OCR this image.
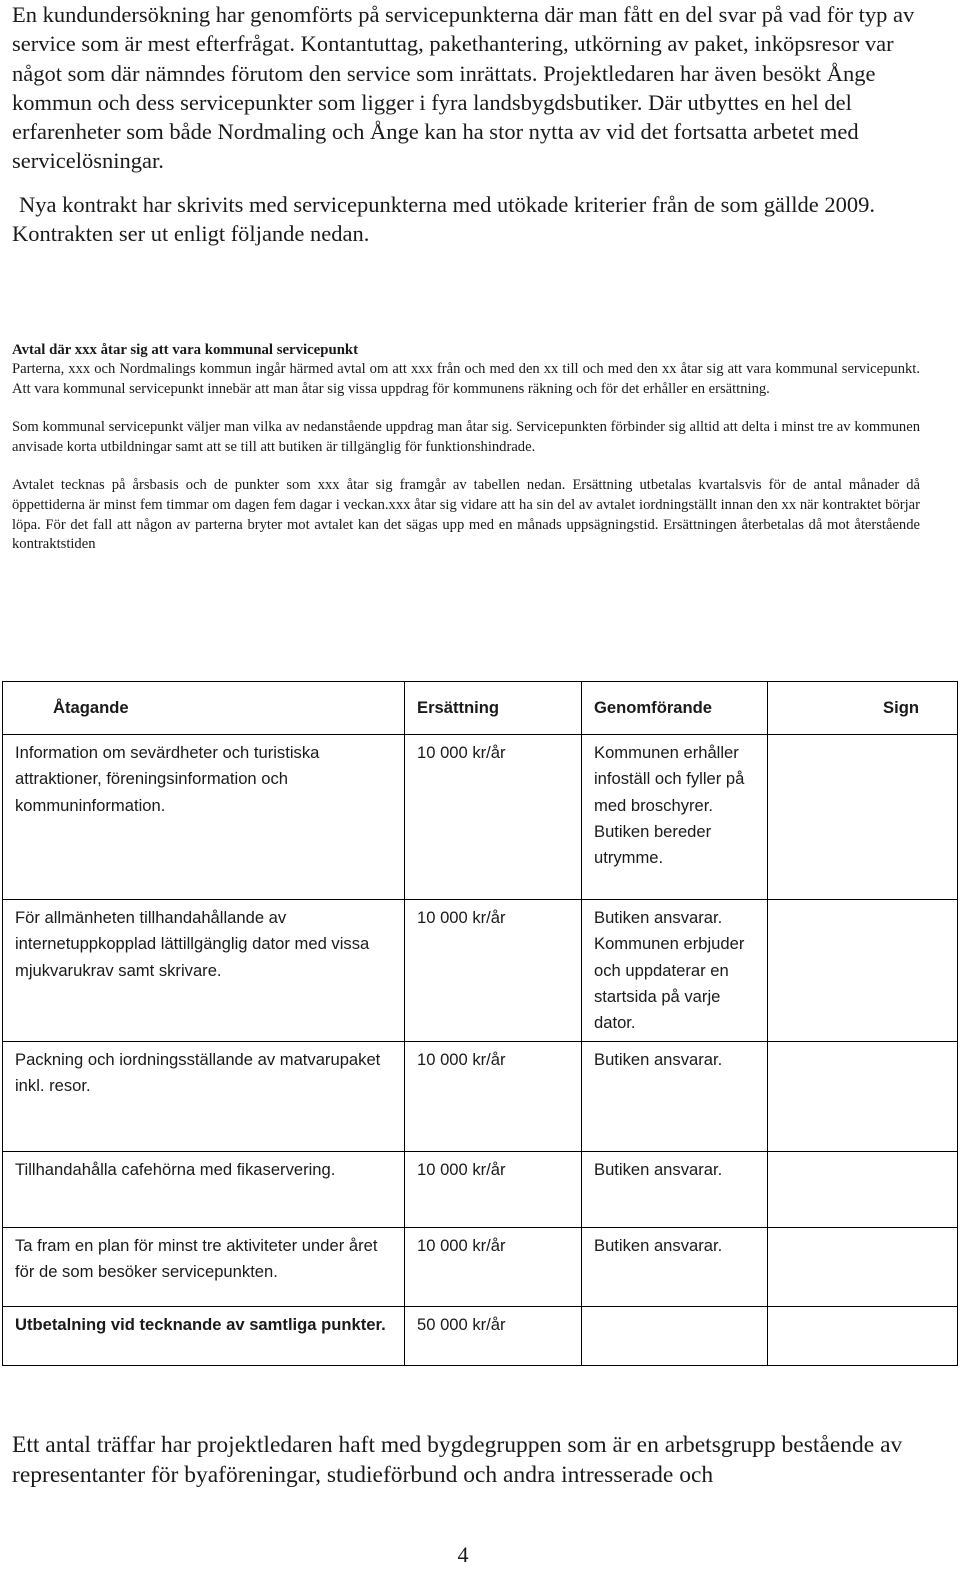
En kundundersökning har genomförts på servicepunkterna där man fått en del svar på vad för typ av service som är mest efterfrågat. Kontantuttag, pakethantering, utkörning av paket, inköpsresor var något som där nämndes förutom den service som inrättats. Projektledaren har även besökt Ånge kommun och dess servicepunkter som ligger i fyra landsbygdsbutiker. Där utbyttes en hel del erfarenheter som både Nordmaling och Ånge kan ha stor nytta av vid det fortsatta arbetet med servicelösningar.

Nya kontrakt har skrivits med servicepunkterna med utökade kriterier från de som gällde 2009. Kontrakten ser ut enligt följande nedan.

Avtal där xxx åtar sig att vara kommunal servicepunkt

Parterna, xxx och Nordmalings kommun ingår härmed avtal om att xxx från och med den xx till och med den xx åtar sig att vara kommunal servicepunkt. Att vara kommunal servicepunkt innebär att man åtar sig vissa uppdrag för kommunens räkning och för det erhåller en ersättning.

Som kommunal servicepunkt väljer man vilka av nedanstående uppdrag man åtar sig. Servicepunkten förbinder sig alltid att delta i minst tre av kommunen anvisade korta utbildningar samt att se till att butiken är tillgänglig för funktionshindrade.

Avtalet tecknas på årsbasis och de punkter som xxx åtar sig framgår av tabellen nedan. Ersättning utbetalas kvartalsvis för de antal månader då öppettiderna är minst fem timmar om dagen fem dagar i veckan.xxx åtar sig vidare att ha sin del av avtalet iordningställt innan den xx när kontraktet börjar löpa. För det fall att någon av parterna bryter mot avtalet kan det sägas upp med en månads uppsägningstid. Ersättningen återbetalas då mot återstående kontraktstiden

Åtagande	Ersättning	Genomförande	Sign
Information om sevärdheter och turistiska attraktioner, föreningsinformation och kommuninformation.	10 000 kr/år	Kommunen erhåller infoställ och fyller på med broschyrer. Butiken bereder utrymme.	
För allmänheten tillhandahållande av internetuppkopplad lättillgänglig dator med vissa mjukvarukrav samt skrivare.	10 000 kr/år	Butiken ansvarar. Kommunen erbjuder och uppdaterar en startsida på varje dator.	
Packning och iordningsställande av matvarupaket inkl. resor.	10 000 kr/år	Butiken ansvarar.	
Tillhandahålla cafehörna med fikaservering.	10 000 kr/år	Butiken ansvarar.	
Ta fram en plan för minst tre aktiviteter under året för de som besöker servicepunkten.	10 000 kr/år	Butiken ansvarar.	
Utbetalning vid tecknande av samtliga punkter.	50 000 kr/år		

Ett antal träffar har projektledaren haft med bygdegruppen som är en arbetsgrupp bestående av representanter för byaföreningar, studieförbund och andra intresserade och

4
